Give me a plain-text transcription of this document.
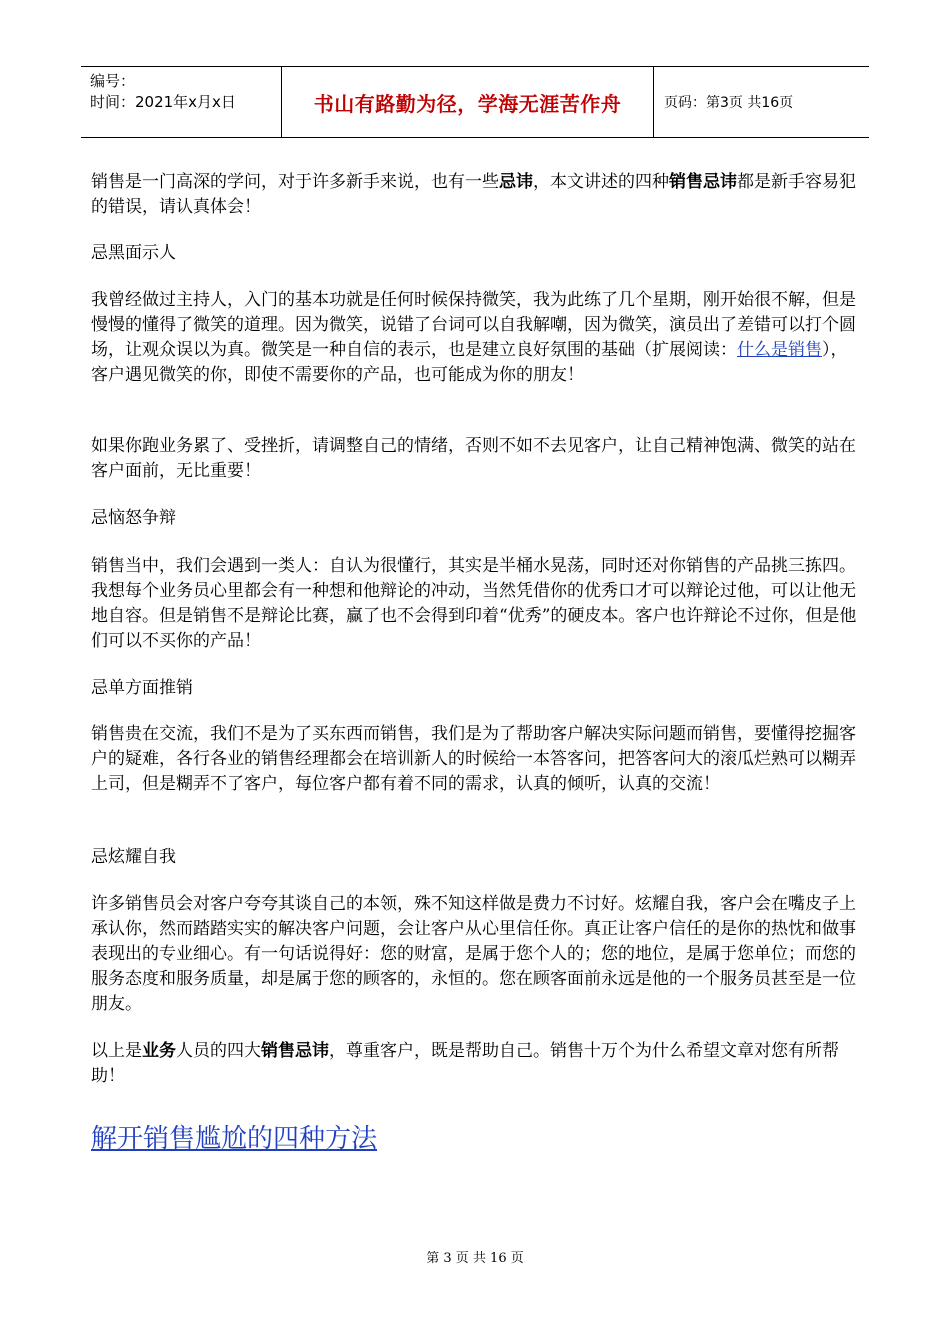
编号：
时间：2021年x月x日	书山有路勤为径，学海无涯苦作舟	页码：第3页 共16页

销售是一门高深的学问，对于许多新手来说，也有一些忌讳，本文讲述的四种销售忌讳都是新手容易犯的错误，请认真体会！

忌黑面示人

我曾经做过主持人，入门的基本功就是任何时候保持微笑，我为此练了几个星期，刚开始很不解，但是慢慢的懂得了微笑的道理。因为微笑，说错了台词可以自我解嘲，因为微笑，演员出了差错可以打个圆场，让观众误以为真。微笑是一种自信的表示，也是建立良好氛围的基础（扩展阅读：什么是销售），客户遇见微笑的你，即使不需要你的产品，也可能成为你的朋友！

如果你跑业务累了、受挫折，请调整自己的情绪，否则不如不去见客户，让自己精神饱满、微笑的站在客户面前，无比重要！

忌恼怒争辩

销售当中，我们会遇到一类人：自认为很懂行，其实是半桶水晃荡，同时还对你销售的产品挑三拣四。我想每个业务员心里都会有一种想和他辩论的冲动，当然凭借你的优秀口才可以辩论过他，可以让他无地自容。但是销售不是辩论比赛，赢了也不会得到印着“优秀”的硬皮本。客户也许辩论不过你，但是他们可以不买你的产品！

忌单方面推销

销售贵在交流，我们不是为了买东西而销售，我们是为了帮助客户解决实际问题而销售，要懂得挖掘客户的疑难，各行各业的销售经理都会在培训新人的时候给一本答客问，把答客问大的滚瓜烂熟可以糊弄上司，但是糊弄不了客户，每位客户都有着不同的需求，认真的倾听，认真的交流！

忌炫耀自我

许多销售员会对客户夸夸其谈自己的本领，殊不知这样做是费力不讨好。炫耀自我，客户会在嘴皮子上承认你，然而踏踏实实的解决客户问题，会让客户从心里信任你。真正让客户信任的是你的热忱和做事表现出的专业细心。有一句话说得好：您的财富，是属于您个人的；您的地位，是属于您单位；而您的服务态度和服务质量，却是属于您的顾客的，永恒的。您在顾客面前永远是他的一个服务员甚至是一位朋友。

以上是业务人员的四大销售忌讳，尊重客户，既是帮助自己。销售十万个为什么希望文章对您有所帮助！

解开销售尴尬的四种方法
第 3 页 共 16 页
